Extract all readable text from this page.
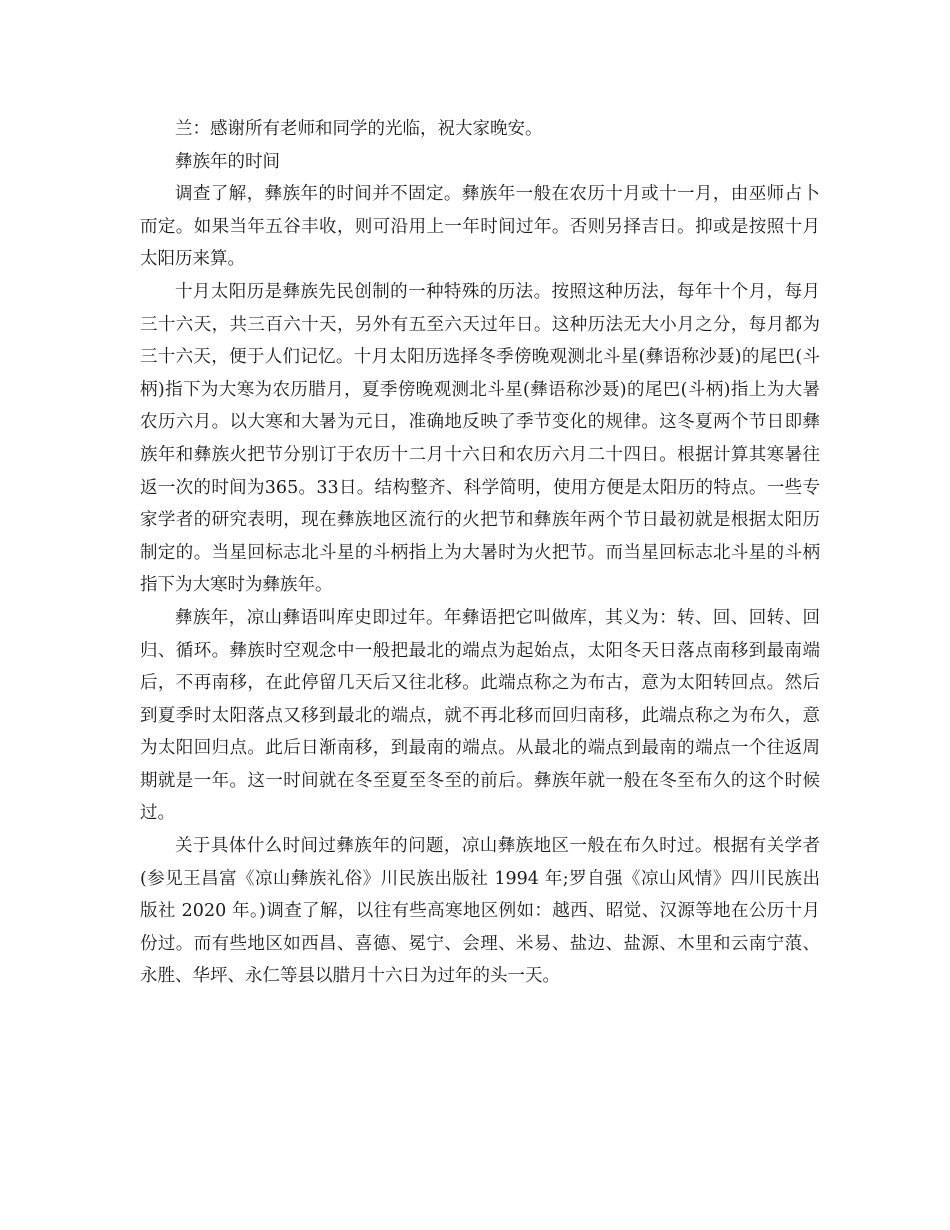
兰：感谢所有老师和同学的光临，祝大家晚安。

彝族年的时间

调查了解，彝族年的时间并不固定。彝族年一般在农历十月或十一月，由巫师占卜而定。如果当年五谷丰收，则可沿用上一年时间过年。否则另择吉日。抑或是按照十月太阳历来算。

十月太阳历是彝族先民创制的一种特殊的历法。按照这种历法，每年十个月，每月三十六天，共三百六十天，另外有五至六天过年日。这种历法无大小月之分，每月都为三十六天，便于人们记忆。十月太阳历选择冬季傍晚观测北斗星(彝语称沙聂)的尾巴(斗柄)指下为大寒为农历腊月，夏季傍晚观测北斗星(彝语称沙聂)的尾巴(斗柄)指上为大暑农历六月。以大寒和大暑为元日，准确地反映了季节变化的规律。这冬夏两个节日即彝族年和彝族火把节分别订于农历十二月十六日和农历六月二十四日。根据计算其寒暑往返一次的时间为365。33日。结构整齐、科学简明，使用方便是太阳历的特点。一些专家学者的研究表明，现在彝族地区流行的火把节和彝族年两个节日最初就是根据太阳历制定的。当星回标志北斗星的斗柄指上为大暑时为火把节。而当星回标志北斗星的斗柄指下为大寒时为彝族年。

彝族年，凉山彝语叫库史即过年。年彝语把它叫做库，其义为：转、回、回转、回归、循环。彝族时空观念中一般把最北的端点为起始点，太阳冬天日落点南移到最南端后，不再南移，在此停留几天后又往北移。此端点称之为布古，意为太阳转回点。然后到夏季时太阳落点又移到最北的端点，就不再北移而回归南移，此端点称之为布久，意为太阳回归点。此后日渐南移，到最南的端点。从最北的端点到最南的端点一个往返周期就是一年。这一时间就在冬至夏至冬至的前后。彝族年就一般在冬至布久的这个时候过。

关于具体什么时间过彝族年的问题，凉山彝族地区一般在布久时过。根据有关学者(参见王昌富《凉山彝族礼俗》川民族出版社 1994 年;罗自强《凉山风情》四川民族出版社 2020 年。)调查了解，以往有些高寒地区例如：越西、昭觉、汉源等地在公历十月份过。而有些地区如西昌、喜德、冕宁、会理、米易、盐边、盐源、木里和云南宁蒗、永胜、华坪、永仁等县以腊月十六日为过年的头一天。
